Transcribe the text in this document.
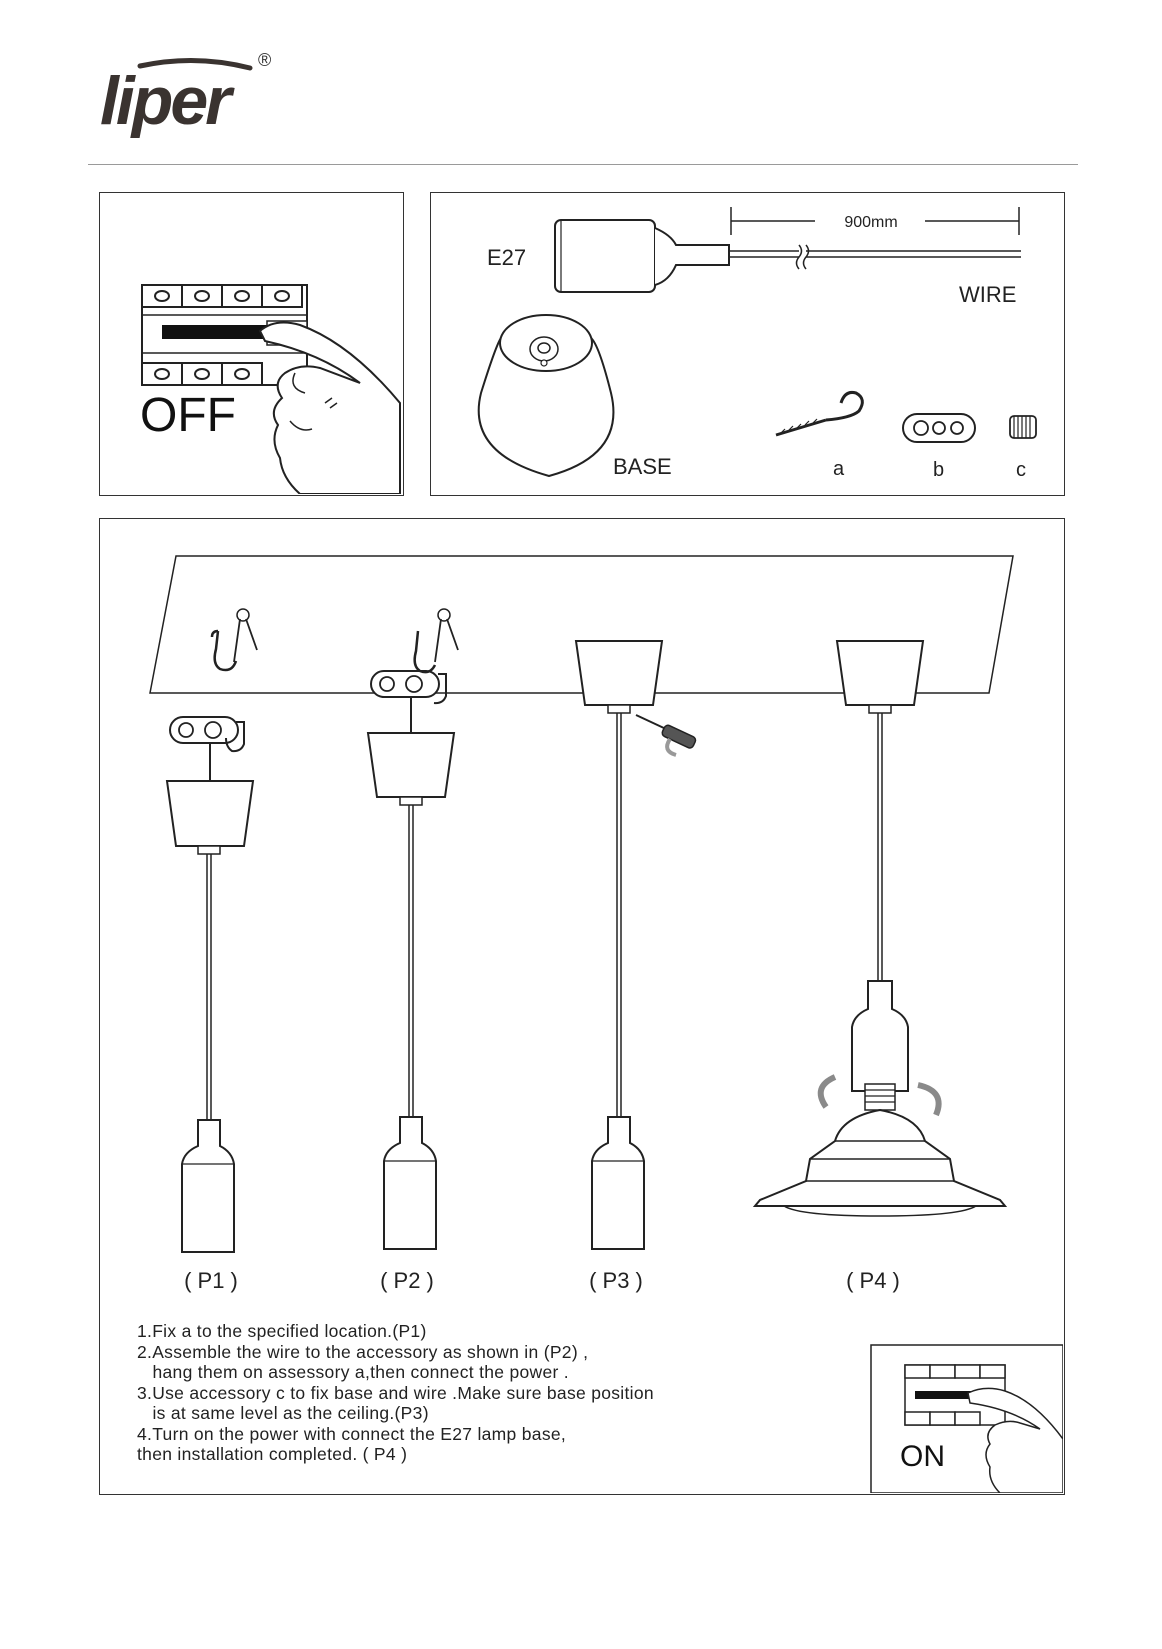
liper
®
OFF
E27
900mm
WIRE
BASE	a	b	c
( P1 )	( P2 )	( P3 )	( P4 )
ON
1.Fix a to the specified location.(P1)
2.Assemble the wire to the accessory as shown in (P2) ,
hang them on assessory a,then connect the power .
3.Use accessory c to fix base and wire .Make sure base position
is at same level as the ceiling.(P3)
4.Turn on the power with connect the E27 lamp base,
then installation completed. ( P4 )
